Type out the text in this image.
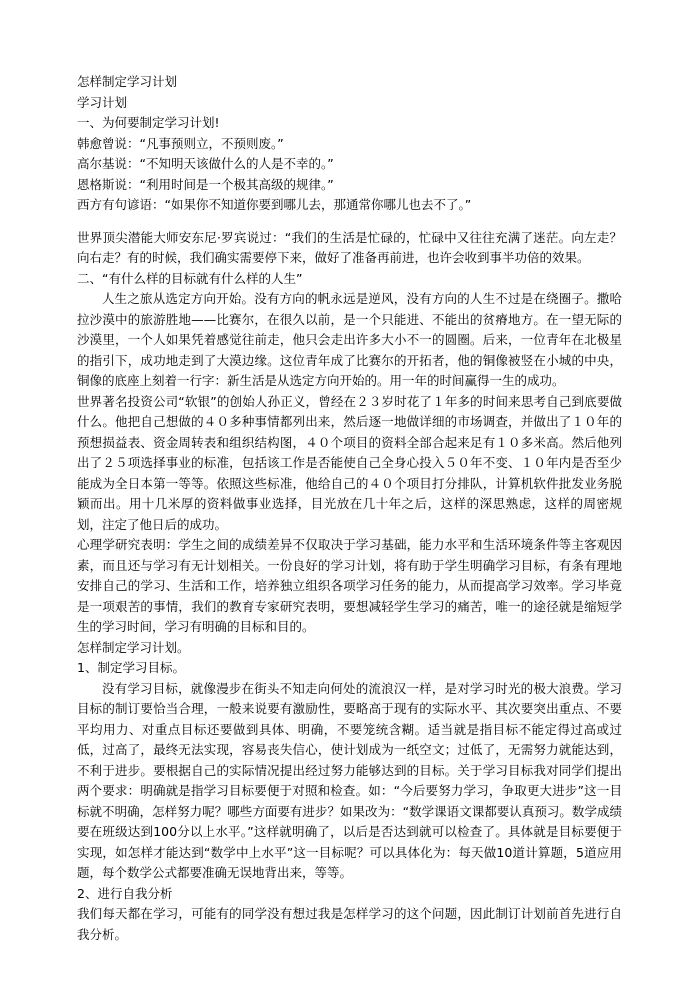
怎样制定学习计划
学习计划
一、为何要制定学习计划!
韩愈曾说：“凡事预则立，不预则废。”
高尔基说：“不知明天该做什么的人是不幸的。”
恩格斯说：“利用时间是一个极其高级的规律。”
西方有句谚语：“如果你不知道你要到哪儿去，那通常你哪儿也去不了。”
世界顶尖潜能大师安东尼·罗宾说过：“我们的生活是忙碌的，忙碌中又往往充满了迷茫。向左走？向右走？有的时候，我们确实需要停下来，做好了准备再前进，也许会收到事半功倍的效果。
二、“有什么样的目标就有什么样的人生”
人生之旅从选定方向开始。没有方向的帆永远是逆风，没有方向的人生不过是在绕圈子。撒哈拉沙漠中的旅游胜地——比赛尔，在很久以前，是一个只能进、不能出的贫瘠地方。在一望无际的沙漠里，一个人如果凭着感觉往前走，他只会走出许多大小不一的圆圈。后来，一位青年在北极星的指引下，成功地走到了大漠边缘。这位青年成了比赛尔的开拓者，他的铜像被竖在小城的中央，铜像的底座上刻着一行字：新生活是从选定方向开始的。用一年的时间赢得一生的成功。
世界著名投资公司“软银”的创始人孙正义，曾经在２３岁时花了１年多的时间来思考自己到底要做什么。他把自己想做的４０多种事情都列出来，然后逐一地做详细的市场调查，并做出了１０年的预想损益表、资金周转表和组织结构图，４０个项目的资料全部合起来足有１０多米高。然后他列出了２５项选择事业的标准，包括该工作是否能使自己全身心投入５０年不变、１０年内是否至少能成为全日本第一等等。依照这些标准，他给自己的４０个项目打分排队，计算机软件批发业务脱颖而出。用十几米厚的资料做事业选择，目光放在几十年之后，这样的深思熟虑，这样的周密规划，注定了他日后的成功。
心理学研究表明：学生之间的成绩差异不仅取决于学习基础，能力水平和生活环境条件等主客观因素，而且还与学习有无计划相关。一份良好的学习计划，将有助于学生明确学习目标，有条有理地安排自己的学习、生活和工作，培养独立组织各项学习任务的能力，从而提高学习效率。学习毕竟是一项艰苦的事情，我们的教育专家研究表明，要想减轻学生学习的痛苦，唯一的途径就是缩短学生的学习时间，学习有明确的目标和目的。
怎样制定学习计划。
1、制定学习目标。
没有学习目标，就像漫步在街头不知走向何处的流浪汉一样，是对学习时光的极大浪费。学习目标的制订要恰当合理，一般来说要有激励性，要略高于现有的实际水平、其次要突出重点、不要平均用力、对重点目标还要做到具体、明确，不要笼统含糊。适当就是指目标不能定得过高或过低，过高了，最终无法实现，容易丧失信心，使计划成为一纸空文；过低了，无需努力就能达到，不利于进步。要根据自己的实际情况提出经过努力能够达到的目标。关于学习目标我对同学们提出两个要求：明确就是指学习目标要便于对照和检查。如：“今后要努力学习，争取更大进步”这一目标就不明确，怎样努力呢？哪些方面要有进步？如果改为：“数学课语文课都要认真预习。数学成绩要在班级达到100分以上水平。”这样就明确了，以后是否达到就可以检查了。具体就是目标要便于实现，如怎样才能达到“数学中上水平”这一目标呢？可以具体化为：每天做10道计算题，5道应用题，每个数学公式都要准确无误地背出来，等等。
2、进行自我分析
我们每天都在学习，可能有的同学没有想过我是怎样学习的这个问题，因此制订计划前首先进行自我分析。
